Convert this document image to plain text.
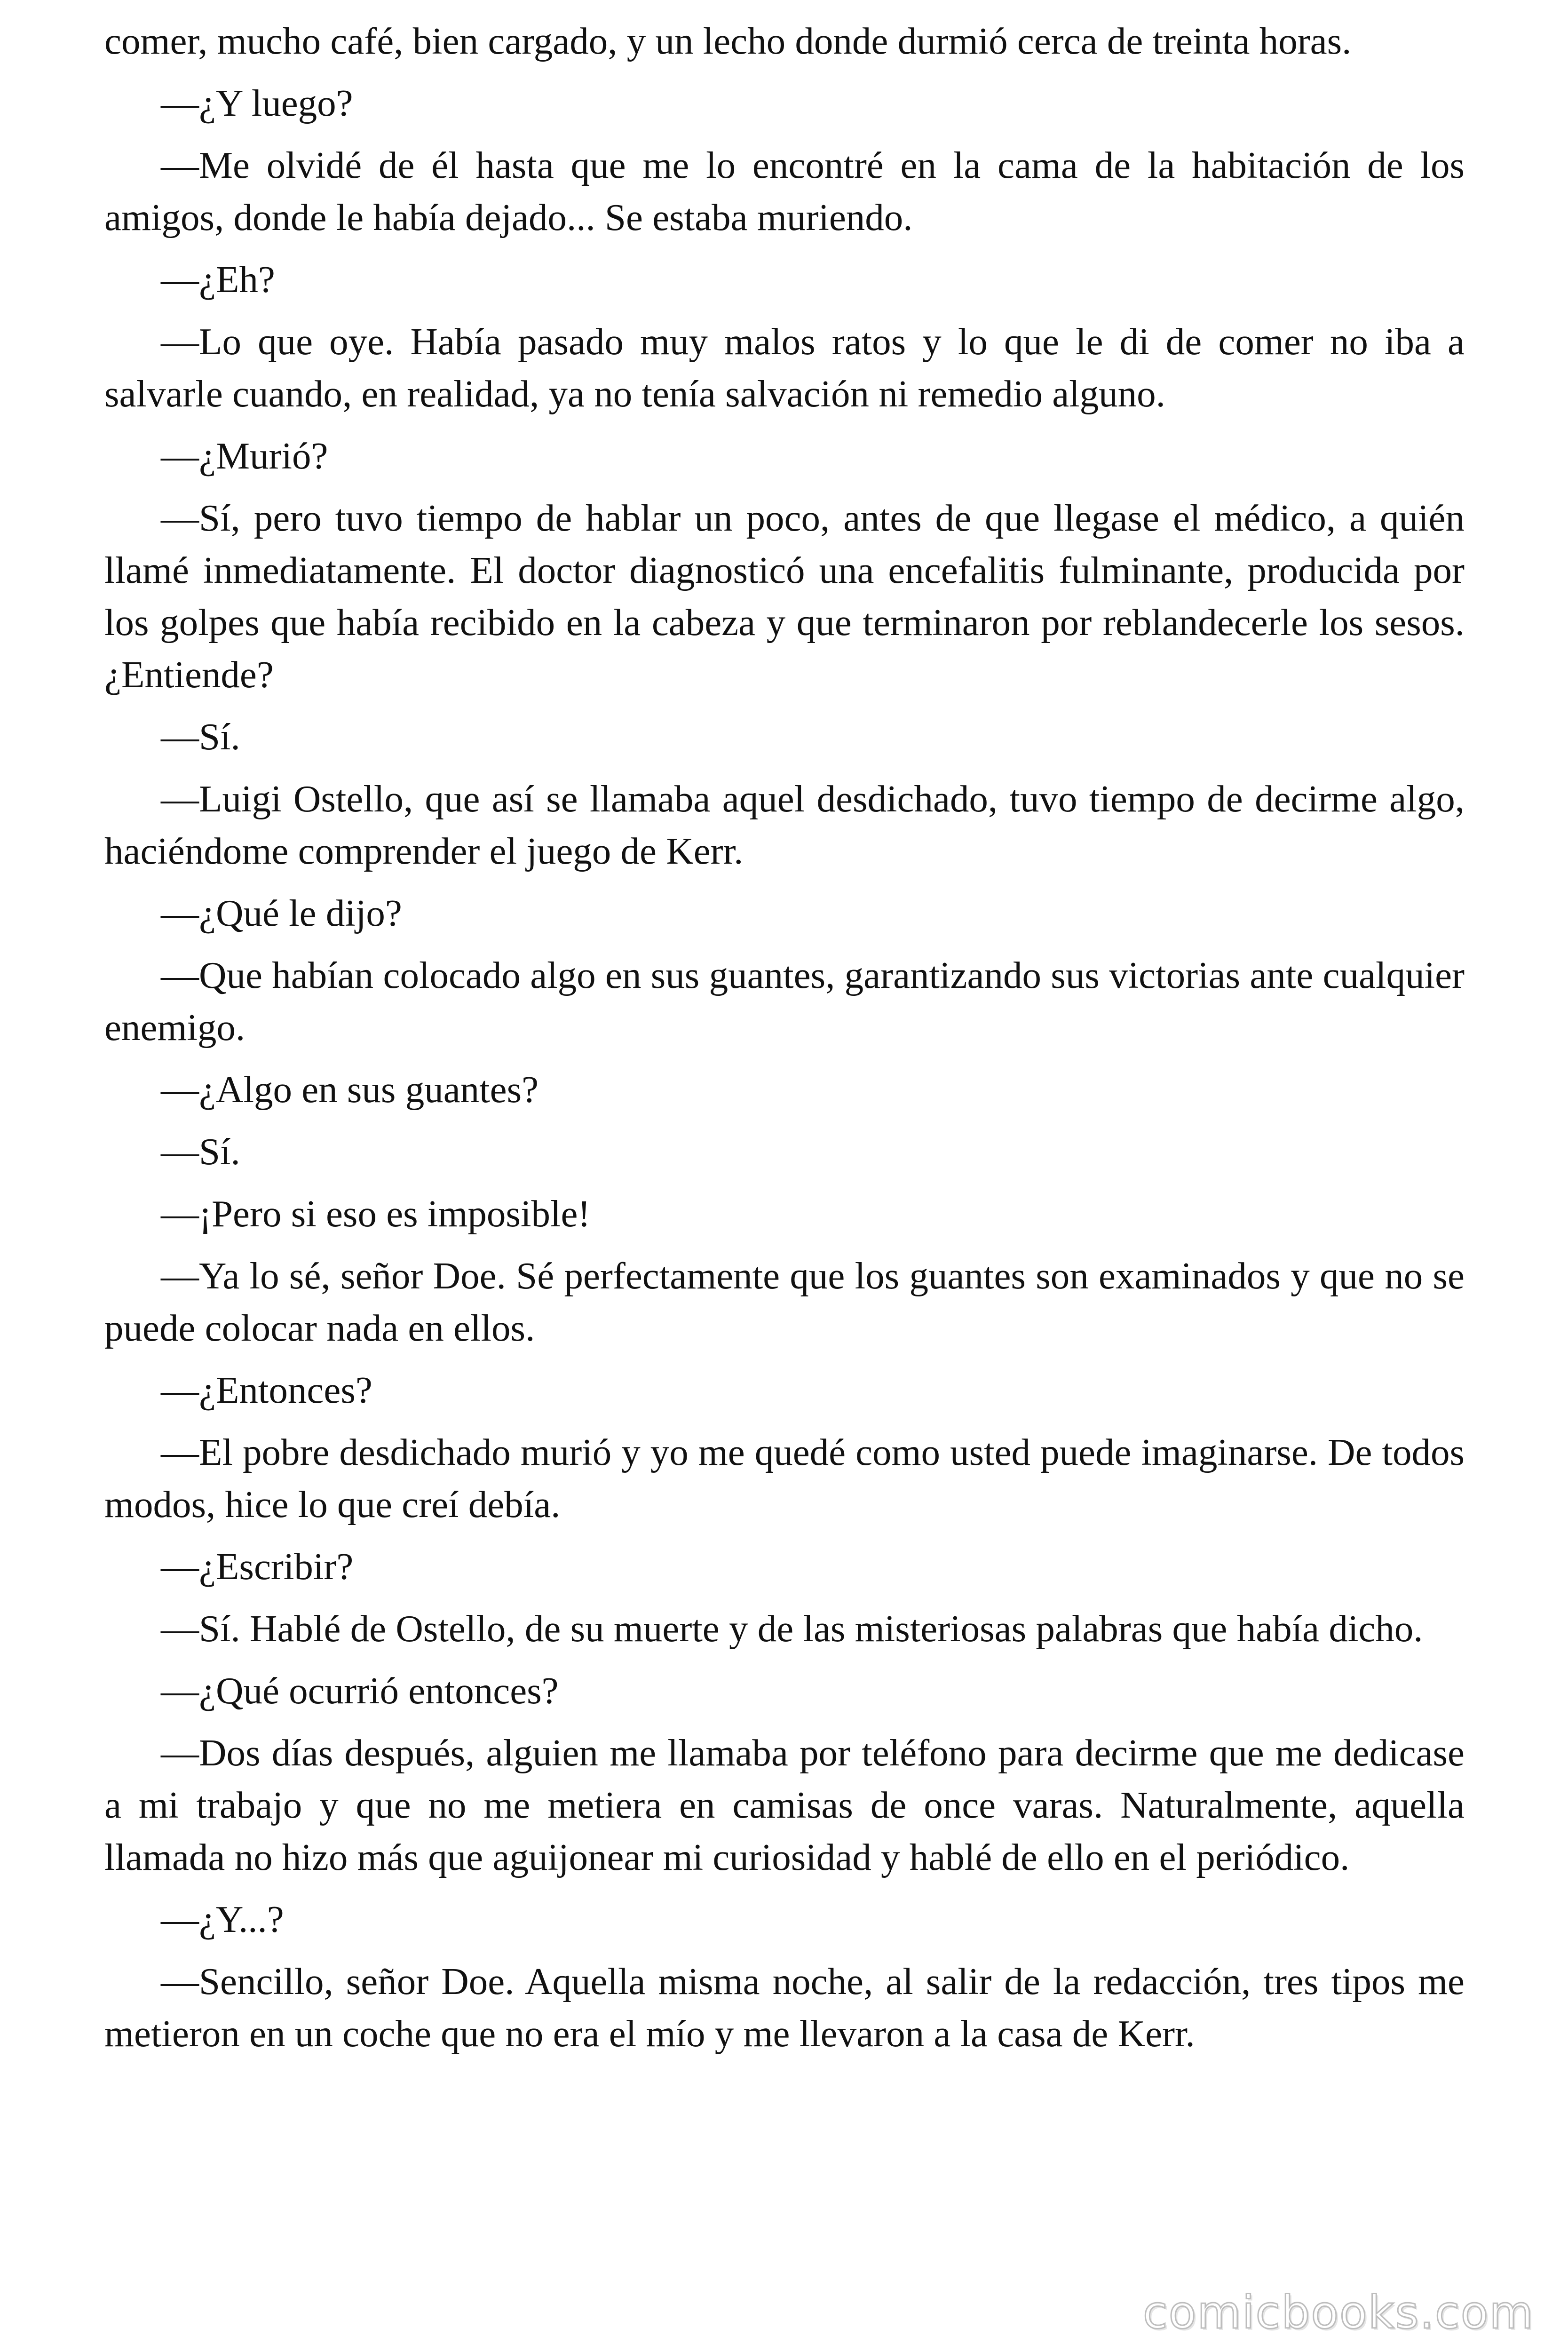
comer, mucho café, bien cargado, y un lecho donde durmió cerca de treinta horas.

—¿Y luego?

—Me olvidé de él hasta que me lo encontré en la cama de la habitación de los amigos, donde le había dejado... Se estaba muriendo.

—¿Eh?

—Lo que oye. Había pasado muy malos ratos y lo que le di de comer no iba a salvarle cuando, en realidad, ya no tenía salvación ni remedio alguno.

—¿Murió?

—Sí, pero tuvo tiempo de hablar un poco, antes de que llegase el médico, a quién llamé inmediatamente. El doctor diagnosticó una encefalitis fulminante, producida por los golpes que había recibido en la cabeza y que terminaron por reblandecerle los sesos. ¿Entiende?

—Sí.

—Luigi Ostello, que así se llamaba aquel desdichado, tuvo tiempo de decirme algo, haciéndome comprender el juego de Kerr.

—¿Qué le dijo?

—Que habían colocado algo en sus guantes, garantizando sus victorias ante cualquier enemigo.

—¿Algo en sus guantes?

—Sí.

—¡Pero si eso es imposible!

—Ya lo sé, señor Doe. Sé perfectamente que los guantes son examinados y que no se puede colocar nada en ellos.

—¿Entonces?

—El pobre desdichado murió y yo me quedé como usted puede imaginarse. De todos modos, hice lo que creí debía.

—¿Escribir?

—Sí. Hablé de Ostello, de su muerte y de las misteriosas palabras que había dicho.

—¿Qué ocurrió entonces?

—Dos días después, alguien me llamaba por teléfono para decirme que me dedicase a mi trabajo y que no me metiera en camisas de once varas. Naturalmente, aquella llamada no hizo más que aguijonear mi curiosidad y hablé de ello en el periódico.

—¿Y...?

—Sencillo, señor Doe. Aquella misma noche, al salir de la redacción, tres tipos me metieron en un coche que no era el mío y me llevaron a la casa de Kerr.

comicbooks.com
